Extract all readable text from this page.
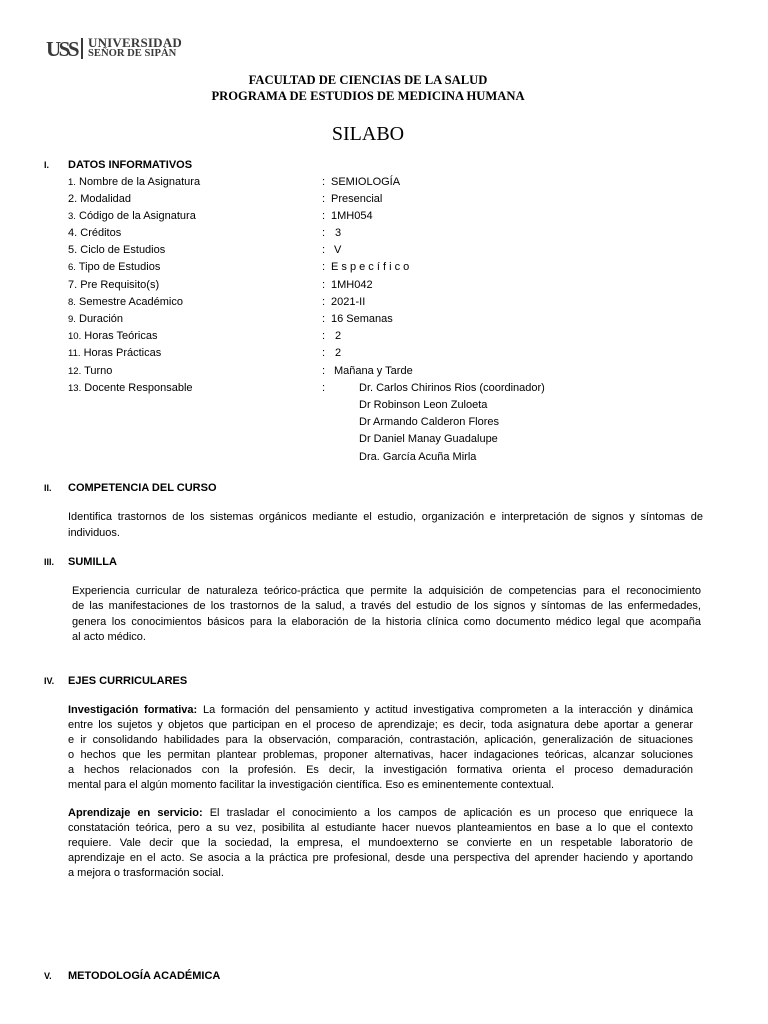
USS UNIVERSIDAD
SEÑOR DE SIPÁN
FACULTAD DE CIENCIAS DE LA SALUD
PROGRAMA DE ESTUDIOS DE MEDICINA HUMANA
SILABO
I. DATOS INFORMATIVOS
1. Nombre de la Asignatura	: SEMIOLOGÍA
2. Modalidad	: Presencial
3. Código de la Asignatura	: 1MH054
4. Créditos	: 3
5. Ciclo de Estudios	: V
6. Tipo de Estudios	: E s p e c í f i c o
7. Pre Requisito(s)	: 1MH042
8. Semestre Académico	: 2021-II
9. Duración	: 16 Semanas
10. Horas Teóricas	: 2
11. Horas Prácticas	: 2
12. Turno	: Mañana y Tarde
13. Docente Responsable	:	Dr. Carlos Chirinos Rios (coordinador)
Dr Robinson Leon Zuloeta
Dr Armando Calderon Flores
Dr Daniel Manay Guadalupe
Dra. García Acuña Mirla
II. COMPETENCIA DEL CURSO
Identifica trastornos de los sistemas orgánicos mediante el estudio, organización e interpretación de signos y síntomas de
individuos.
III. SUMILLA
Experiencia curricular de naturaleza teórico-práctica que permite la adquisición de competencias para el reconocimiento
de las manifestaciones de los trastornos de la salud, a través del estudio de los signos y síntomas de las enfermedades,
genera los conocimientos básicos para la elaboración de la historia clínica como documento médico legal que acompaña
al acto médico.
IV. EJES CURRICULARES
Investigación formativa: La formación del pensamiento y actitud investigativa comprometen a la interacción y dinámica
entre los sujetos y objetos que participan en el proceso de aprendizaje; es decir, toda asignatura debe aportar a generar
e ir consolidando habilidades para la observación, comparación, contrastación, aplicación, generalización de situaciones
o hechos que les permitan plantear problemas, proponer alternativas, hacer indagaciones teóricas, alcanzar soluciones
a hechos relacionados con la profesión. Es decir, la investigación formativa orienta el proceso demaduración
mental para el algún momento facilitar la investigación científica. Eso es eminentemente contextual.
Aprendizaje en servicio: El trasladar el conocimiento a los campos de aplicación es un proceso que enriquece la
constatación teórica, pero a su vez, posibilita al estudiante hacer nuevos planteamientos en base a lo que el contexto
requiere. Vale decir que la sociedad, la empresa, el mundoexterno se convierte en un respetable laboratorio de
aprendizaje en el acto. Se asocia a la práctica pre profesional, desde una perspectiva del aprender haciendo y aportando
a mejora o trasformación social.
V. METODOLOGÍA ACADÉMICA
